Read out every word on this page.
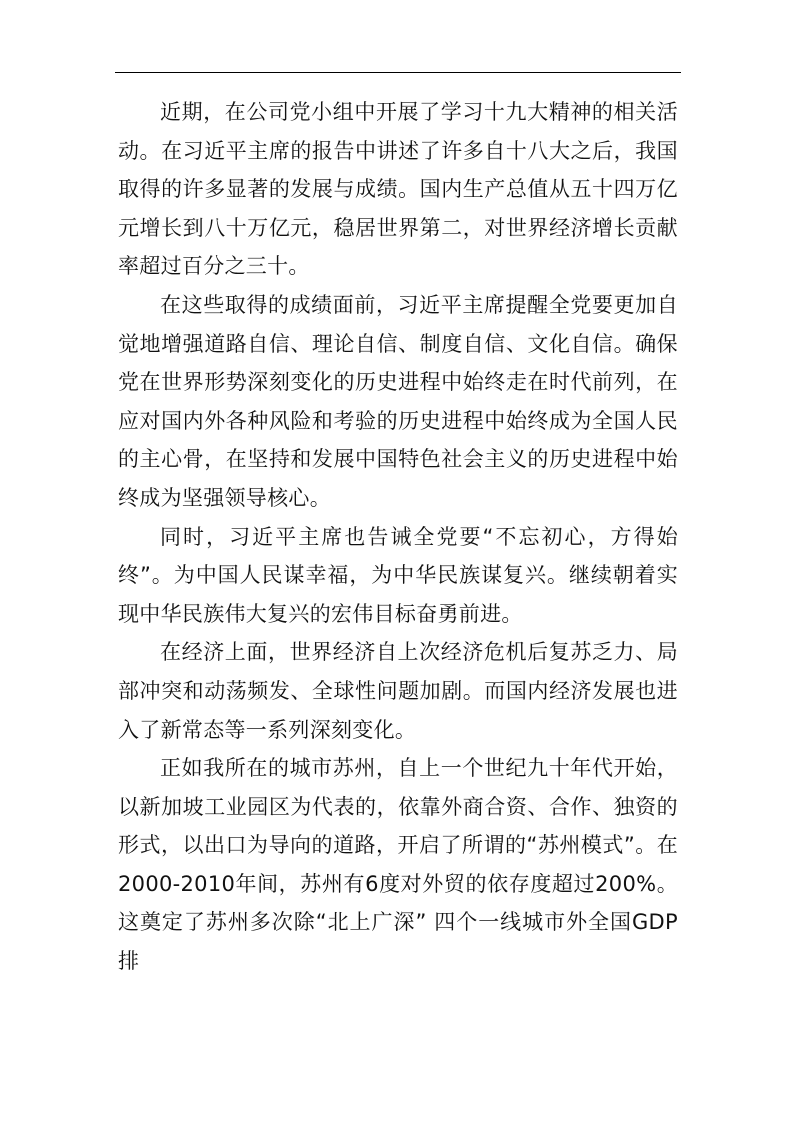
近期，在公司党小组中开展了学习十九大精神的相关活动。在习近平主席的报告中讲述了许多自十八大之后，我国取得的许多显著的发展与成绩。国内生产总值从五十四万亿元增长到八十万亿元，稳居世界第二，对世界经济增长贡献率超过百分之三十。

在这些取得的成绩面前，习近平主席提醒全党要更加自觉地增强道路自信、理论自信、制度自信、文化自信。确保党在世界形势深刻变化的历史进程中始终走在时代前列，在应对国内外各种风险和考验的历史进程中始终成为全国人民的主心骨，在坚持和发展中国特色社会主义的历史进程中始终成为坚强领导核心。

同时，习近平主席也告诫全党要“不忘初心，方得始终”。为中国人民谋幸福，为中华民族谋复兴。继续朝着实现中华民族伟大复兴的宏伟目标奋勇前进。

在经济上面，世界经济自上次经济危机后复苏乏力、局部冲突和动荡频发、全球性问题加剧。而国内经济发展也进入了新常态等一系列深刻变化。

正如我所在的城市苏州，自上一个世纪九十年代开始，以新加坡工业园区为代表的，依靠外商合资、合作、独资的形式，以出口为导向的道路，开启了所谓的“苏州模式”。在2000-2010年间，苏州有6度对外贸的依存度超过200%。这奠定了苏州多次除“北上广深” 四个一线城市外全国GDP排
